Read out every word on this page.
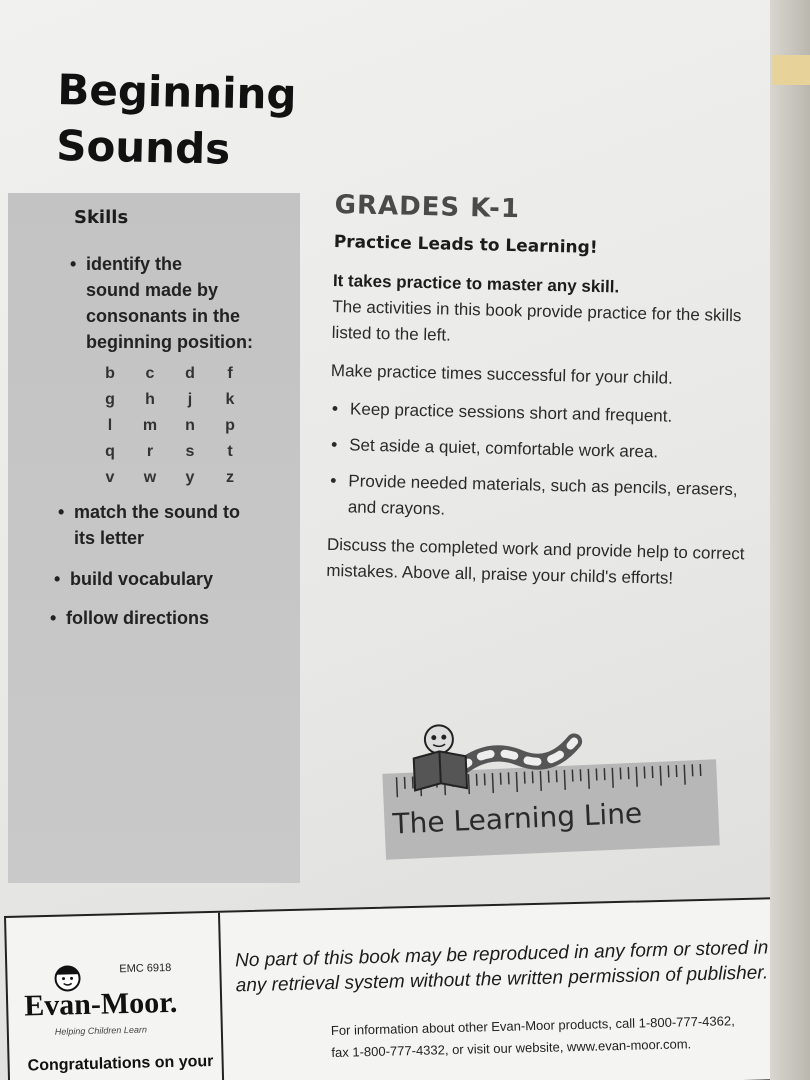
Beginning
Sounds
Skills
• identify the
sound made by
consonants in the
beginning position:
b	c	d	f
g	h	j	k
l	m	n	p
q	r	s	t
v	w	y	z
• match the sound to
its letter
• build vocabulary
• follow directions
GRADES K-1
Practice Leads to Learning!

It takes practice to master any skill.
The activities in this book provide practice for the skills listed to the left.

Make practice times successful for your child.

• Keep practice sessions short and frequent.
• Set aside a quiet, comfortable work area.
• Provide needed materials, such as pencils, erasers, and crayons.

Discuss the completed work and provide help to correct mistakes. Above all, praise your child's efforts!

The Learning Line
EMC 6918
Evan-Moor.
Helping Children Learn
Congratulations on your
No part of this book may be reproduced in any form or stored in any retrieval system without the written permission of publisher.
For information about other Evan-Moor products, call 1-800-777-4362,
fax 1-800-777-4332, or visit our website, www.evan-moor.com.
